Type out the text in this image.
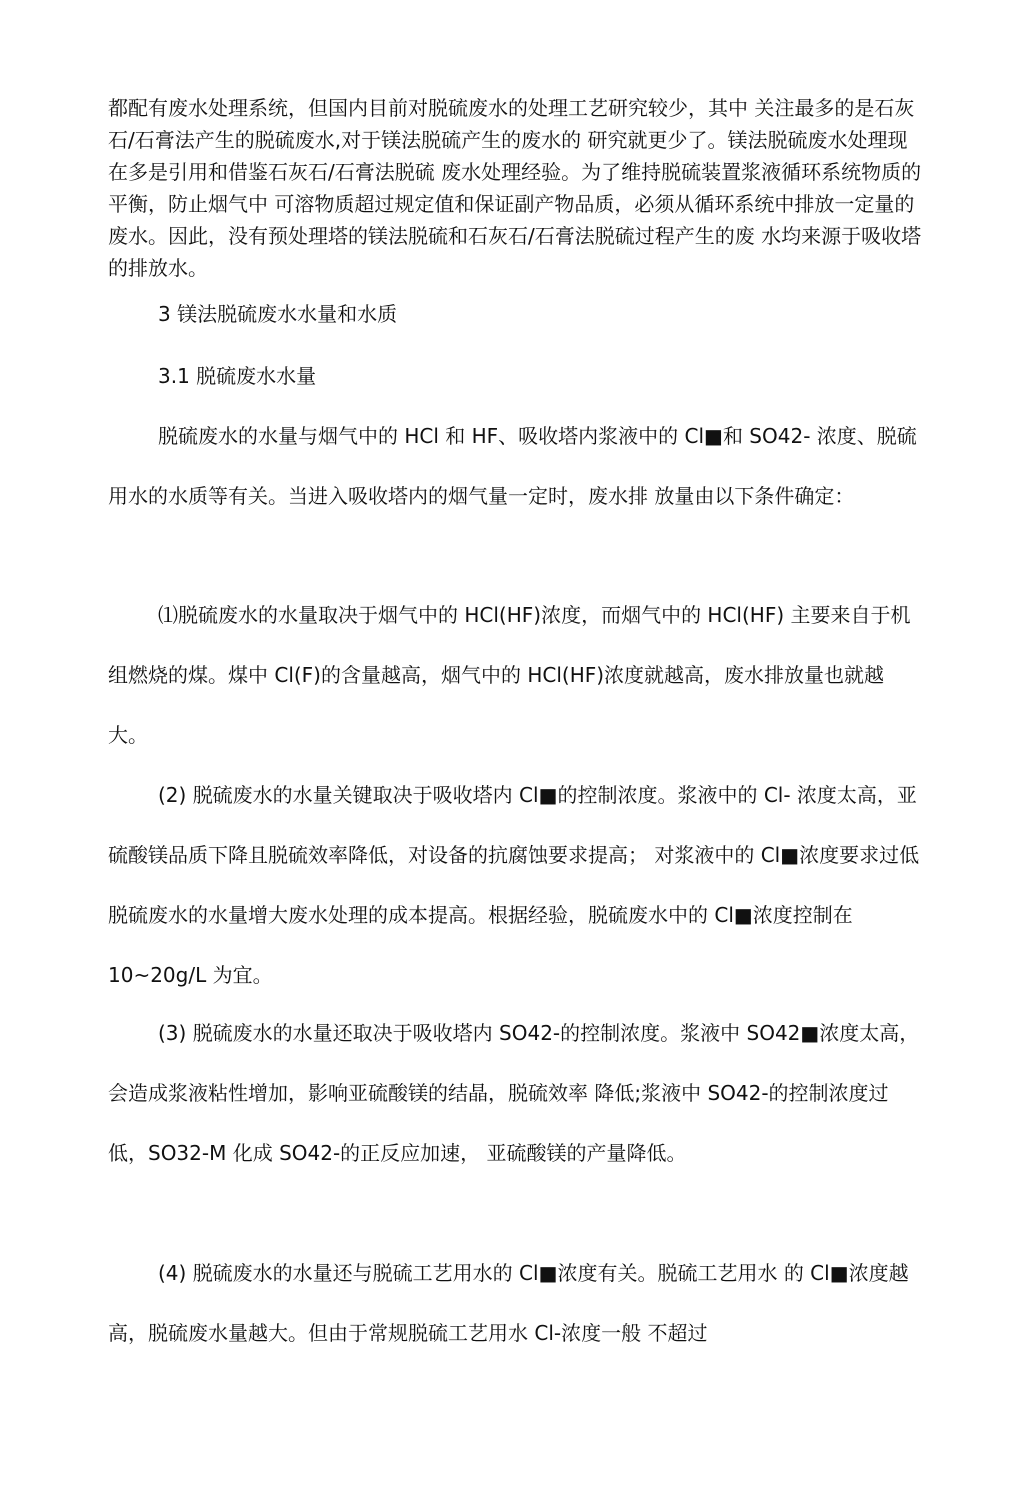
都配有废水处理系统，但国内目前对脱硫废水的处理工艺研究较少，其中 关注最多的是石灰石/石膏法产生的脱硫废水,对于镁法脱硫产生的废水的 研究就更少了。镁法脱硫废水处理现在多是引用和借鉴石灰石/石膏法脱硫 废水处理经验。为了维持脱硫装置浆液循环系统物质的平衡，防止烟气中 可溶物质超过规定值和保证副产物品质，必须从循环系统中排放一定量的 废水。因此，没有预处理塔的镁法脱硫和石灰石/石膏法脱硫过程产生的废 水均来源于吸收塔的排放水。

3 镁法脱硫废水水量和水质
3.1 脱硫废水水量

脱硫废水的水量与烟气中的 HCl 和 HF、吸收塔内浆液中的 Cl■和 SO42- 浓度、脱硫用水的水质等有关。当进入吸收塔内的烟气量一定时，废水排 放量由以下条件确定：

⑴脱硫废水的水量取决于烟气中的 HCl(HF)浓度，而烟气中的 HCl(HF) 主要来自于机组燃烧的煤。煤中 Cl(F)的含量越高，烟气中的 HCl(HF)浓度就越高，废水排放量也就越大。

(2) 脱硫废水的水量关键取决于吸收塔内 Cl■的控制浓度。浆液中的 Cl- 浓度太高，亚硫酸镁品质下降且脱硫效率降低，对设备的抗腐蚀要求提高； 对浆液中的 Cl■浓度要求过低脱硫废水的水量增大废水处理的成本提高。根据经验，脱硫废水中的 Cl■浓度控制在 10~20g/L 为宜。

(3) 脱硫废水的水量还取决于吸收塔内 SO42-的控制浓度。浆液中 SO42■浓度太高，会造成浆液粘性增加，影响亚硫酸镁的结晶，脱硫效率 降低;浆液中 SO42-的控制浓度过低，SO32-M 化成 SO42-的正反应加速， 亚硫酸镁的产量降低。

(4) 脱硫废水的水量还与脱硫工艺用水的 Cl■浓度有关。脱硫工艺用水 的 Cl■浓度越高，脱硫废水量越大。但由于常规脱硫工艺用水 Cl-浓度一般 不超过
